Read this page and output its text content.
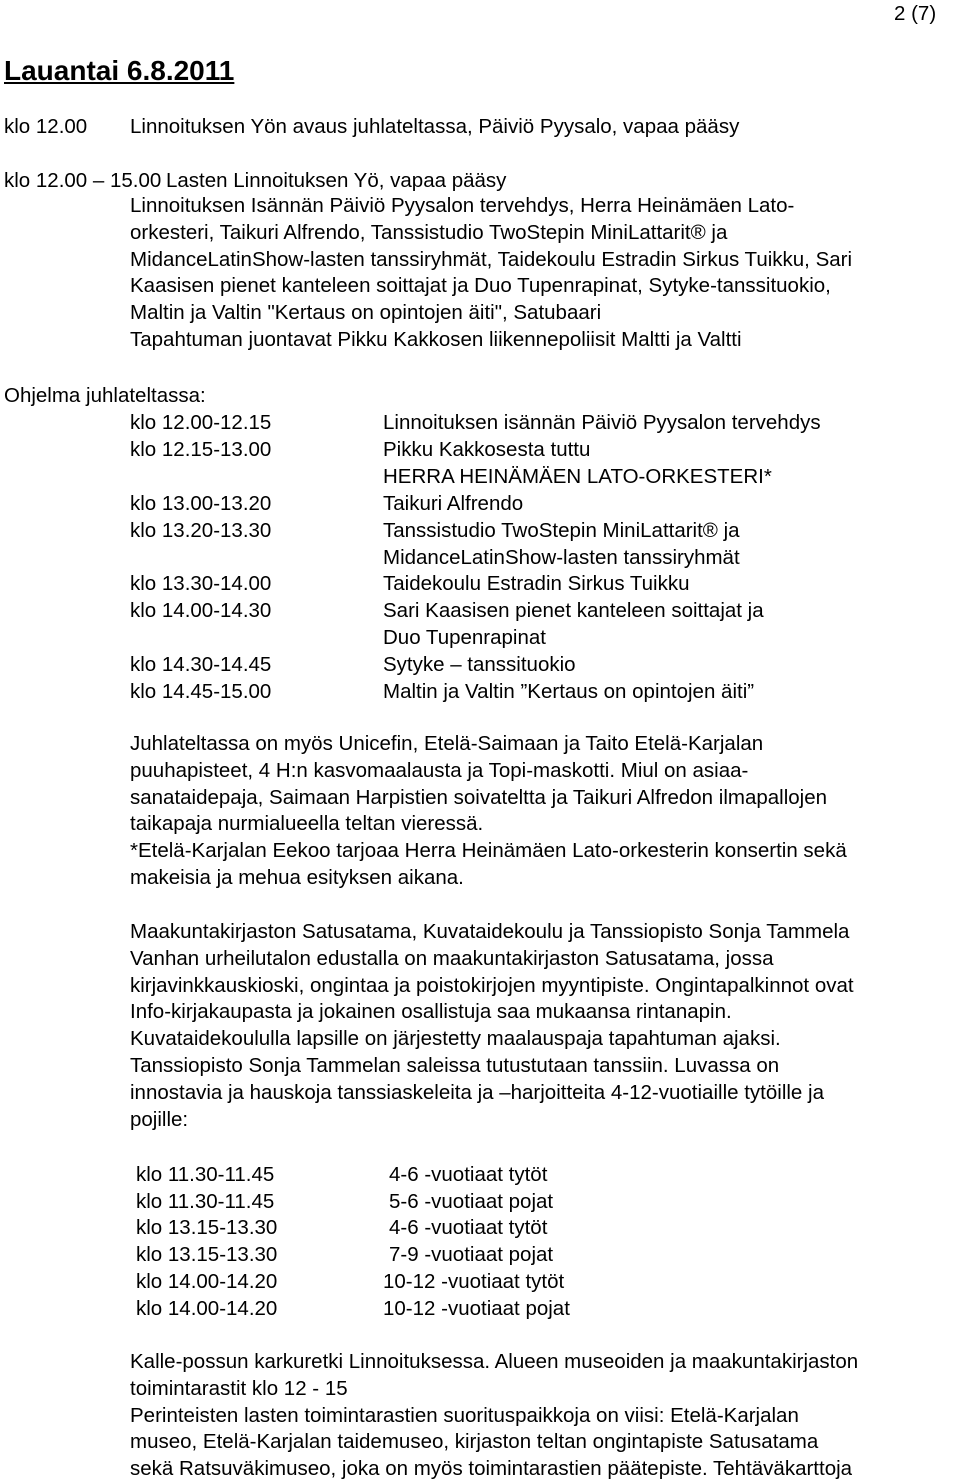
2 (7)
Lauantai 6.8.2011
klo 12.00 Linnoituksen Yön avaus juhlateltassa, Päiviö Pyysalo, vapaa pääsy
klo 12.00 – 15.00 Lasten Linnoituksen Yö, vapaa pääsy
Linnoituksen Isännän Päiviö Pyysalon tervehdys, Herra Heinämäen Lato-
orkesteri, Taikuri Alfrendo, Tanssistudio TwoStepin MiniLattarit® ja
MidanceLatinShow-lasten tanssiryhmät, Taidekoulu Estradin Sirkus Tuikku, Sari
Kaasisen pienet kanteleen soittajat ja Duo Tupenrapinat, Sytyke-tanssituokio,
Maltin ja Valtin "Kertaus on opintojen äiti", Satubaari
Tapahtuman juontavat Pikku Kakkosen liikennepoliisit Maltti ja Valtti
Ohjelma juhlateltassa:
klo 12.00-12.15	Linnoituksen isännän Päiviö Pyysalon tervehdys
klo 12.15-13.00	Pikku Kakkosesta tuttu
HERRA HEINÄMÄEN LATO-ORKESTERI*
klo 13.00-13.20	Taikuri Alfrendo
klo 13.20-13.30	Tanssistudio TwoStepin MiniLattarit® ja
MidanceLatinShow-lasten tanssiryhmät
klo 13.30-14.00	Taidekoulu Estradin Sirkus Tuikku
klo 14.00-14.30	Sari Kaasisen pienet kanteleen soittajat ja
Duo Tupenrapinat
klo 14.30-14.45	Sytyke – tanssituokio
klo 14.45-15.00	Maltin ja Valtin ”Kertaus on opintojen äiti”
Juhlateltassa on myös Unicefin, Etelä-Saimaan ja Taito Etelä-Karjalan
puuhapisteet, 4 H:n kasvomaalausta ja Topi-maskotti. Miul on asiaa-
sanataidepaja, Saimaan Harpistien soivateltta ja Taikuri Alfredon ilmapallojen
taikapaja nurmialueella teltan vieressä.
*Etelä-Karjalan Eekoo tarjoaa Herra Heinämäen Lato-orkesterin konsertin sekä
makeisia ja mehua esityksen aikana.
Maakuntakirjaston Satusatama, Kuvataidekoulu ja Tanssiopisto Sonja Tammela
Vanhan urheilutalon edustalla on maakuntakirjaston Satusatama, jossa
kirjavinkkauskioski, ongintaa ja poistokirjojen myyntipiste. Ongintapalkinnot ovat
Info-kirjakaupasta ja jokainen osallistuja saa mukaansa rintanapin.
Kuvataidekoululla lapsille on järjestetty maalauspaja tapahtuman ajaksi.
Tanssiopisto Sonja Tammelan saleissa tutustutaan tanssiin. Luvassa on
innostavia ja hauskoja tanssiaskeleita ja –harjoitteita 4-12-vuotiaille tytöille ja
pojille:
klo 11.30-11.45	4-6 -vuotiaat tytöt
klo 11.30-11.45	5-6 -vuotiaat pojat
klo 13.15-13.30	4-6 -vuotiaat tytöt
klo 13.15-13.30	7-9 -vuotiaat pojat
klo 14.00-14.20	10-12 -vuotiaat tytöt
klo 14.00-14.20	10-12 -vuotiaat pojat
Kalle-possun karkuretki Linnoituksessa. Alueen museoiden ja maakuntakirjaston
toimintarastit klo 12 - 15
Perinteisten lasten toimintarastien suorituspaikkoja on viisi: Etelä-Karjalan
museo, Etelä-Karjalan taidemuseo, kirjaston teltan ongintapiste Satusatama
sekä Ratsuväkimuseo, joka on myös toimintarastien päätepiste. Tehtäväkarttoja
